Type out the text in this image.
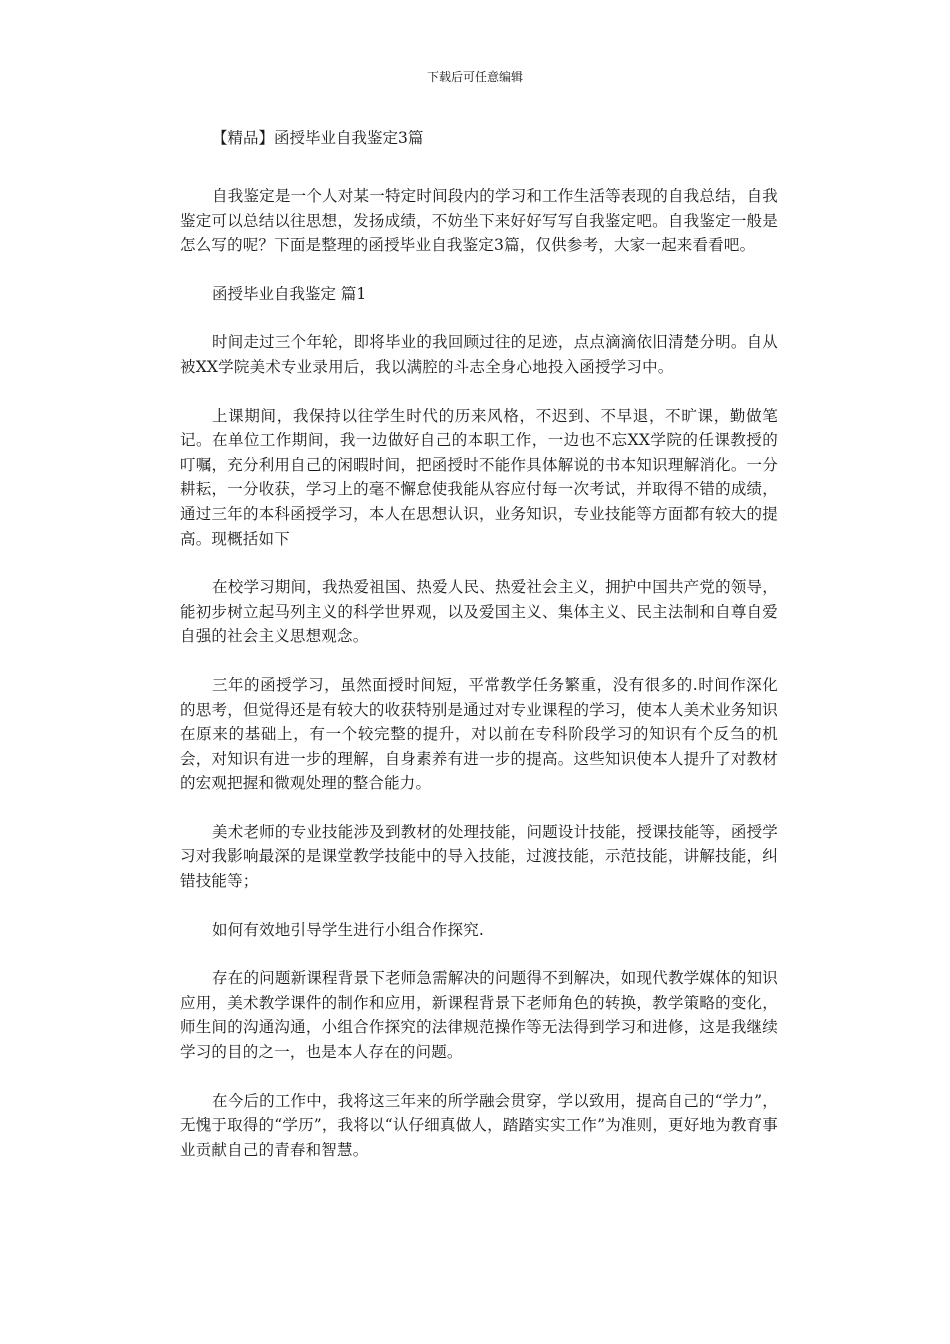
下载后可任意编辑

【精品】函授毕业自我鉴定3篇

自我鉴定是一个人对某一特定时间段内的学习和工作生活等表现的自我总结，自我鉴定可以总结以往思想，发扬成绩，不妨坐下来好好写写自我鉴定吧。自我鉴定一般是怎么写的呢？下面是整理的函授毕业自我鉴定3篇，仅供参考，大家一起来看看吧。

函授毕业自我鉴定 篇1

时间走过三个年轮，即将毕业的我回顾过往的足迹，点点滴滴依旧清楚分明。自从被XX学院美术专业录用后，我以满腔的斗志全身心地投入函授学习中。

上课期间，我保持以往学生时代的历来风格，不迟到、不早退，不旷课，勤做笔记。在单位工作期间，我一边做好自己的本职工作，一边也不忘XX学院的任课教授的叮嘱，充分利用自己的闲暇时间，把函授时不能作具体解说的书本知识理解消化。一分耕耘，一分收获，学习上的毫不懈怠使我能从容应付每一次考试，并取得不错的成绩，通过三年的本科函授学习，本人在思想认识，业务知识，专业技能等方面都有较大的提高。现概括如下

在校学习期间，我热爱祖国、热爱人民、热爱社会主义，拥护中国共产党的领导，能初步树立起马列主义的科学世界观，以及爱国主义、集体主义、民主法制和自尊自爱自强的社会主义思想观念。

三年的函授学习，虽然面授时间短，平常教学任务繁重，没有很多的.时间作深化的思考，但觉得还是有较大的收获特别是通过对专业课程的学习，使本人美术业务知识在原来的基础上，有一个较完整的提升，对以前在专科阶段学习的知识有个反刍的机会，对知识有进一步的理解，自身素养有进一步的提高。这些知识使本人提升了对教材的宏观把握和微观处理的整合能力。

美术老师的专业技能涉及到教材的处理技能，问题设计技能，授课技能等，函授学习对我影响最深的是课堂教学技能中的导入技能，过渡技能，示范技能，讲解技能，纠错技能等；

如何有效地引导学生进行小组合作探究.

存在的问题新课程背景下老师急需解决的问题得不到解决，如现代教学媒体的知识应用，美术教学课件的制作和应用，新课程背景下老师角色的转换，教学策略的变化，师生间的沟通沟通，小组合作探究的法律规范操作等无法得到学习和进修，这是我继续学习的目的之一，也是本人存在的问题。

在今后的工作中，我将这三年来的所学融会贯穿，学以致用，提高自己的“学力”，无愧于取得的“学历”，我将以“认仔细真做人，踏踏实实工作”为准则，更好地为教育事业贡献自己的青春和智慧。
